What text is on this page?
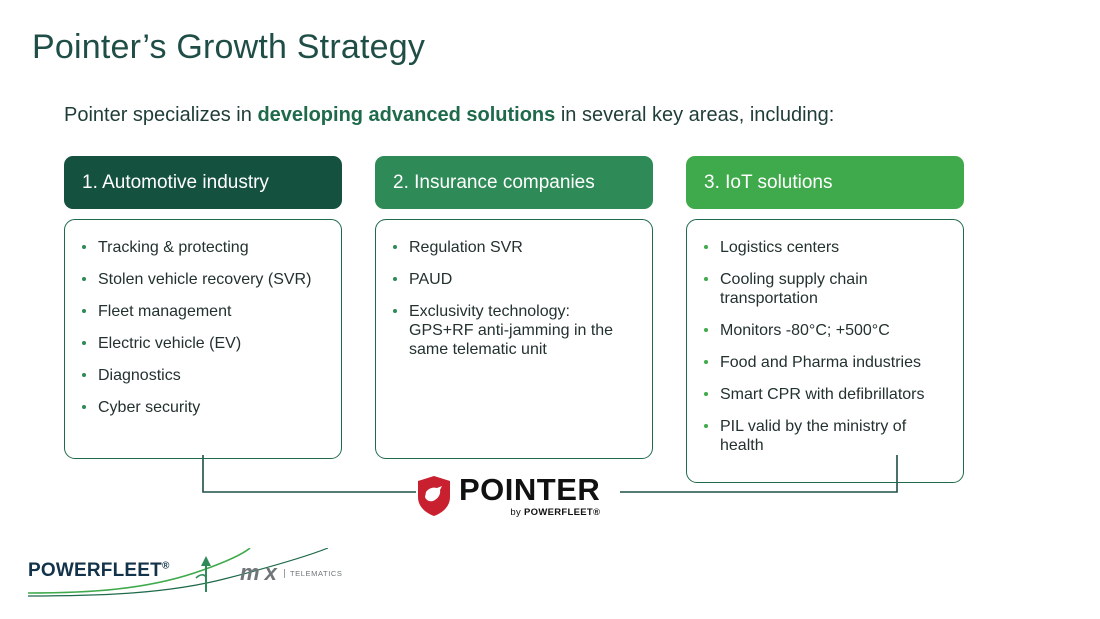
Pointer’s Growth Strategy
Pointer specializes in developing advanced solutions in several key areas, including:
1. Automotive industry
Tracking & protecting
Stolen vehicle recovery (SVR)
Fleet management
Electric vehicle (EV)
Diagnostics
Cyber security
2. Insurance companies
Regulation SVR
PAUD
Exclusivity technology: GPS+RF anti-jamming in the same telematic unit
3. IoT solutions
Logistics centers
Cooling supply chain transportation
Monitors -80°C; +500°C
Food and Pharma industries
Smart CPR with defibrillators
PIL valid by the ministry of health
POINTER
by POWERFLEET®
POWERFLEET®	m x	TELEMATICS
